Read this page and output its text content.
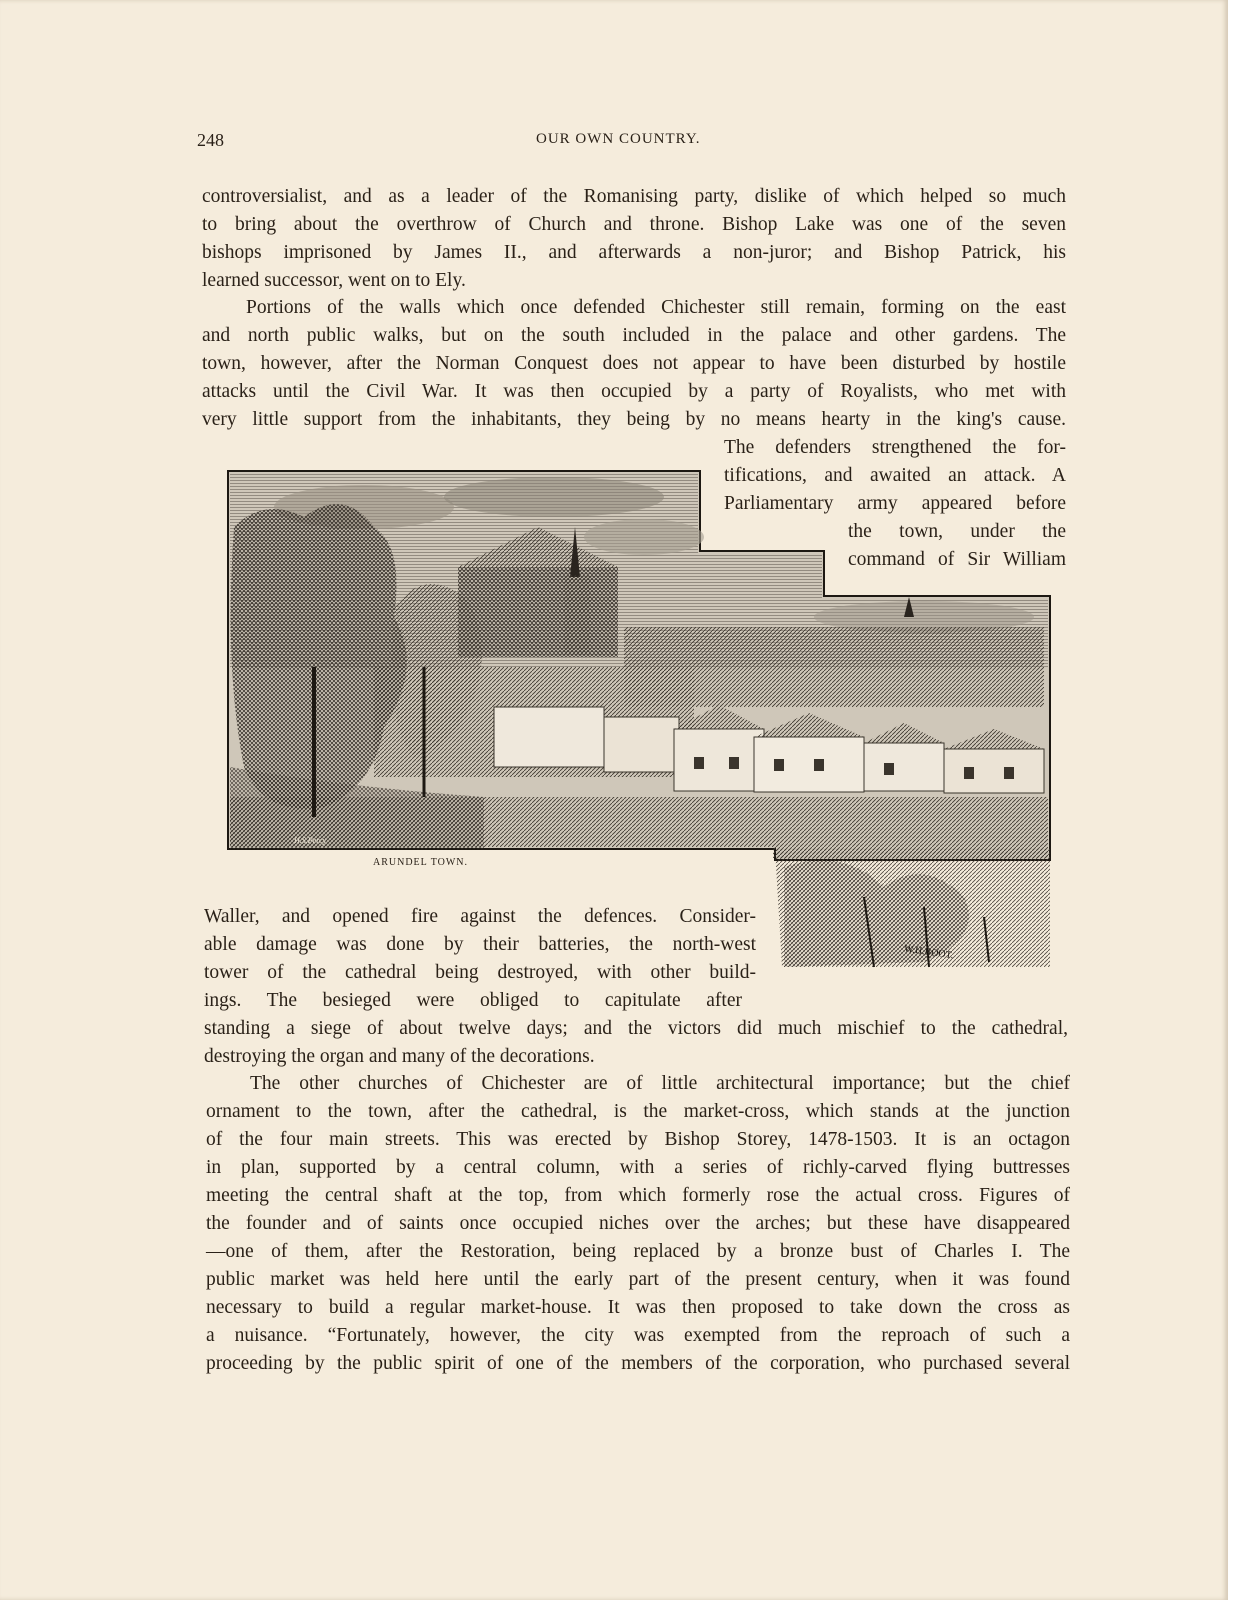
248	OUR OWN COUNTRY.
controversialist, and as a leader of the Romanising party, dislike of which helped so much
to bring about the overthrow of Church and throne. Bishop Lake was one of the seven
bishops imprisoned by James II., and afterwards a non-juror; and Bishop Patrick, his
learned successor, went on to Ely.
Portions of the walls which once defended Chichester still remain, forming on the east
and north public walks, but on the south included in the palace and other gardens. The
town, however, after the Norman Conquest does not appear to have been disturbed by hostile
attacks until the Civil War. It was then occupied by a party of Royalists, who met with
very little support from the inhabitants, they being by no means hearty in the king's cause.
The defenders strengthened the for-
tifications, and awaited an attack. A
Parliamentary army appeared before
the town, under the
command of Sir William
Waller, and opened fire against the defences. Consider-
able damage was done by their batteries, the north-west
tower of the cathedral being destroyed, with other build-
ings. The besieged were obliged to capitulate after
standing a siege of about twelve days; and the victors did much mischief to the cathedral,
destroying the organ and many of the decorations.
The other churches of Chichester are of little architectural importance; but the chief
ornament to the town, after the cathedral, is the market-cross, which stands at the junction
of the four main streets. This was erected by Bishop Storey, 1478-1503. It is an octagon
in plan, supported by a central column, with a series of richly-carved flying buttresses
meeting the central shaft at the top, from which formerly rose the actual cross. Figures of
the founder and of saints once occupied niches over the arches; but these have disappeared
—one of them, after the Restoration, being replaced by a bronze bust of Charles I. The
public market was held here until the early part of the present century, when it was found
necessary to build a regular market-house. It was then proposed to take down the cross as
a nuisance. “Fortunately, however, the city was exempted from the reproach of such a
proceeding by the public spirit of one of the members of the corporation, who purchased several
H.S.Percy
W.H.BOOT.
ARUNDEL TOWN.
